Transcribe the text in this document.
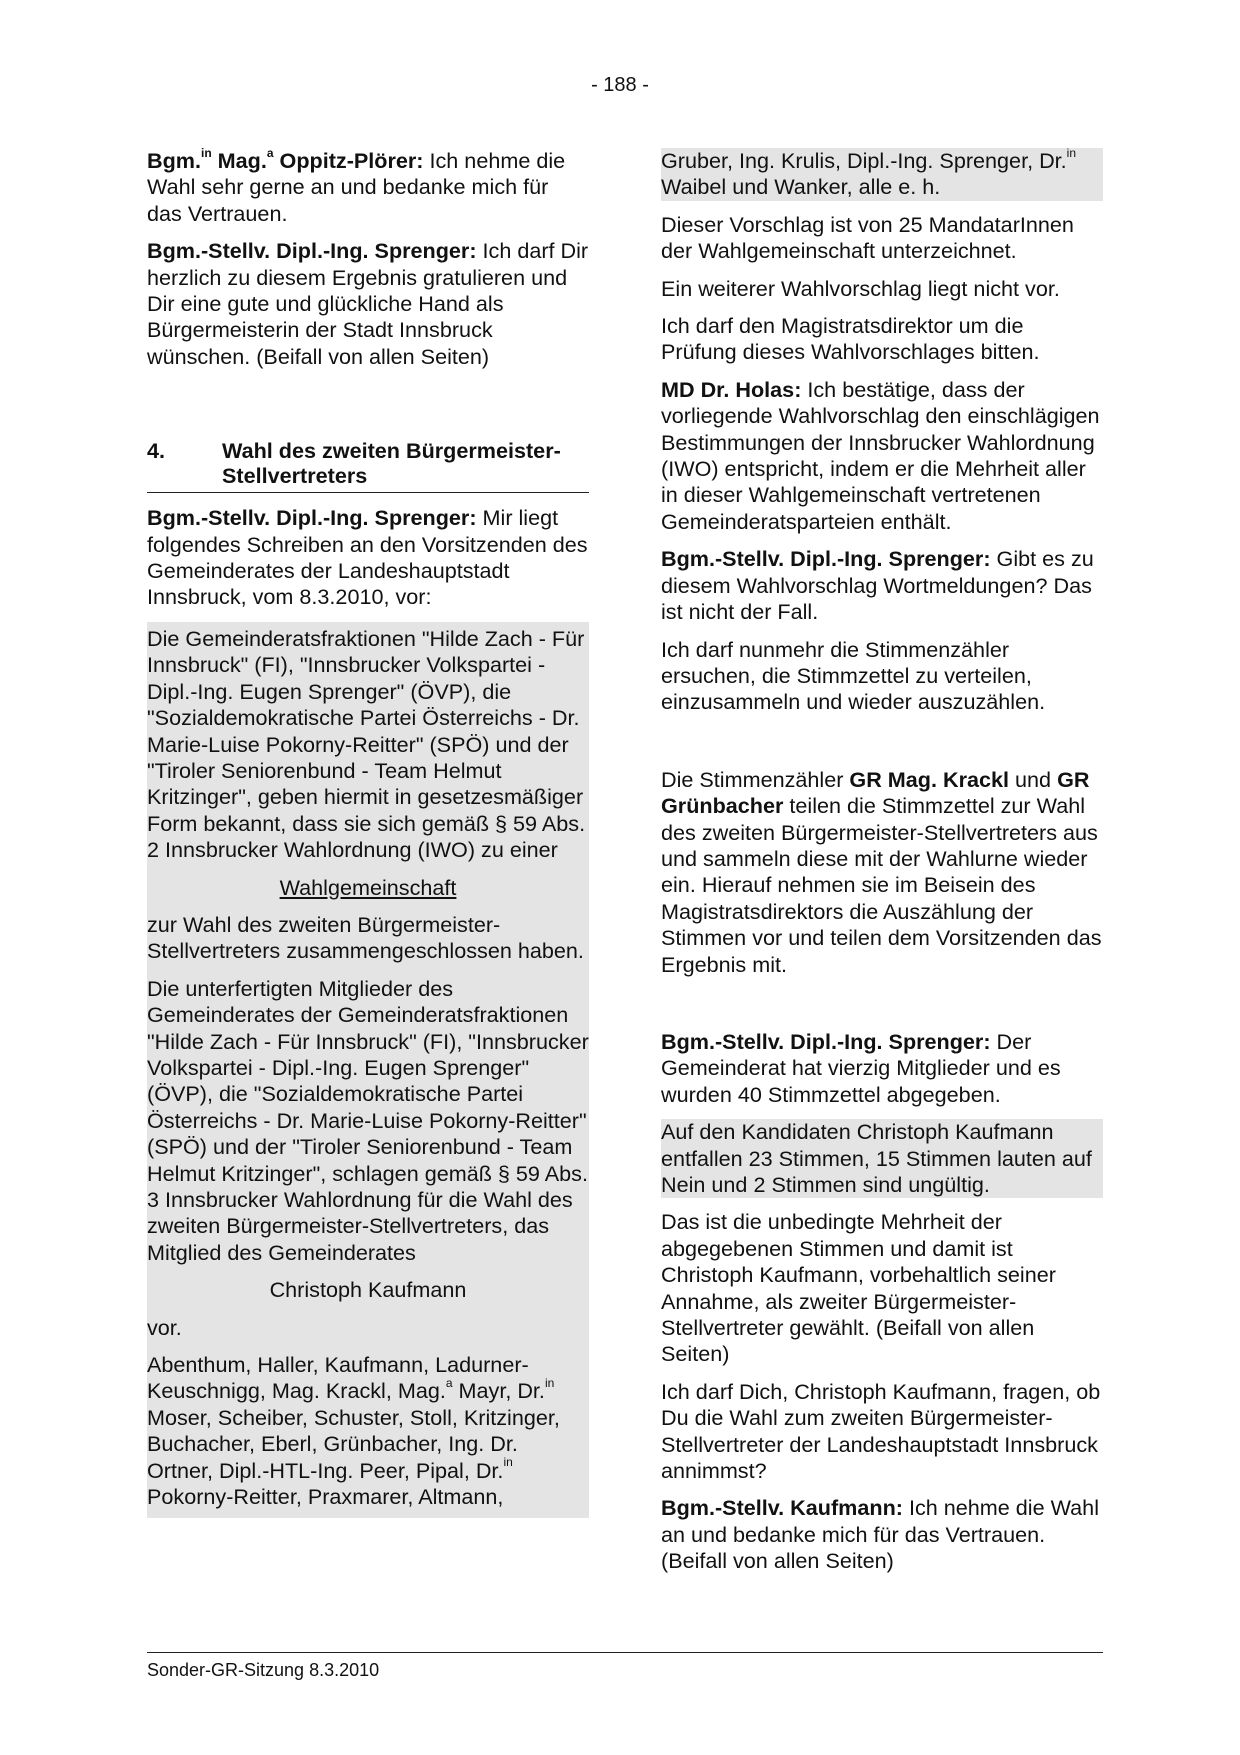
- 188 -

Bgm.$^{in}$ Mag.$^a$ Oppitz-Plörer: Ich nehme die Wahl sehr gerne an und bedanke mich für das Vertrauen.

Bgm.-Stellv. Dipl.-Ing. Sprenger: Ich darf Dir herzlich zu diesem Ergebnis gratulieren und Dir eine gute und glückliche Hand als Bürgermeisterin der Stadt Innsbruck wünschen. (Beifall von allen Seiten)

4.	Wahl des zweiten Bürgermeister-Stellvertreters

Bgm.-Stellv. Dipl.-Ing. Sprenger: Mir liegt folgendes Schreiben an den Vorsitzenden des Gemeinderates der Landeshauptstadt Innsbruck, vom 8.3.2010, vor:

Die Gemeinderatsfraktionen "Hilde Zach - Für Innsbruck" (FI), "Innsbrucker Volkspartei - Dipl.-Ing. Eugen Sprenger" (ÖVP), die "Sozialdemokratische Partei Österreichs - Dr. Marie-Luise Pokorny-Reitter" (SPÖ) und der "Tiroler Seniorenbund - Team Helmut Kritzinger", geben hiermit in gesetzesmäßiger Form bekannt, dass sie sich gemäß § 59 Abs. 2 Innsbrucker Wahlordnung (IWO) zu einer

Wahlgemeinschaft

zur Wahl des zweiten Bürgermeister-Stellvertreters zusammengeschlossen haben.

Die unterfertigten Mitglieder des Gemeinderates der Gemeinderatsfraktionen "Hilde Zach - Für Innsbruck" (FI), "Innsbrucker Volkspartei - Dipl.-Ing. Eugen Sprenger" (ÖVP), die "Sozialdemokratische Partei Österreichs - Dr. Marie-Luise Pokorny-Reitter" (SPÖ) und der "Tiroler Seniorenbund - Team Helmut Kritzinger", schlagen gemäß § 59 Abs. 3 Innsbrucker Wahlordnung für die Wahl des zweiten Bürgermeister-Stellvertreters, das Mitglied des Gemeinderates

Christoph Kaufmann

vor.

Abenthum, Haller, Kaufmann, Ladurner-Keuschnigg, Mag. Krackl, Mag.$^a$ Mayr, Dr.$^{in}$ Moser, Scheiber, Schuster, Stoll, Kritzinger, Buchacher, Eberl, Grünbacher, Ing. Dr. Ortner, Dipl.-HTL-Ing. Peer, Pipal, Dr.$^{in}$ Pokorny-Reitter, Praxmarer, Altmann,

Gruber, Ing. Krulis, Dipl.-Ing. Sprenger, Dr.$^{in}$ Waibel und Wanker, alle e. h.

Dieser Vorschlag ist von 25 MandatarInnen der Wahlgemeinschaft unterzeichnet.

Ein weiterer Wahlvorschlag liegt nicht vor.

Ich darf den Magistratsdirektor um die Prüfung dieses Wahlvorschlages bitten.

MD Dr. Holas: Ich bestätige, dass der vorliegende Wahlvorschlag den einschlägigen Bestimmungen der Innsbrucker Wahlordnung (IWO) entspricht, indem er die Mehrheit aller in dieser Wahlgemeinschaft vertretenen Gemeinderatsparteien enthält.

Bgm.-Stellv. Dipl.-Ing. Sprenger: Gibt es zu diesem Wahlvorschlag Wortmeldungen? Das ist nicht der Fall.

Ich darf nunmehr die Stimmenzähler ersuchen, die Stimmzettel zu verteilen, einzusammeln und wieder auszuzählen.

Die Stimmenzähler GR Mag. Krackl und GR Grünbacher teilen die Stimmzettel zur Wahl des zweiten Bürgermeister-Stellvertreters aus und sammeln diese mit der Wahlurne wieder ein. Hierauf nehmen sie im Beisein des Magistratsdirektors die Auszählung der Stimmen vor und teilen dem Vorsitzenden das Ergebnis mit.

Bgm.-Stellv. Dipl.-Ing. Sprenger: Der Gemeinderat hat vierzig Mitglieder und es wurden 40 Stimmzettel abgegeben.

Auf den Kandidaten Christoph Kaufmann entfallen 23 Stimmen, 15 Stimmen lauten auf Nein und 2 Stimmen sind ungültig.

Das ist die unbedingte Mehrheit der abgegebenen Stimmen und damit ist Christoph Kaufmann, vorbehaltlich seiner Annahme, als zweiter Bürgermeister-Stellvertreter gewählt. (Beifall von allen Seiten)

Ich darf Dich, Christoph Kaufmann, fragen, ob Du die Wahl zum zweiten Bürgermeister-Stellvertreter der Landeshauptstadt Innsbruck annimmst?

Bgm.-Stellv. Kaufmann: Ich nehme die Wahl an und bedanke mich für das Vertrauen. (Beifall von allen Seiten)

Sonder-GR-Sitzung 8.3.2010
